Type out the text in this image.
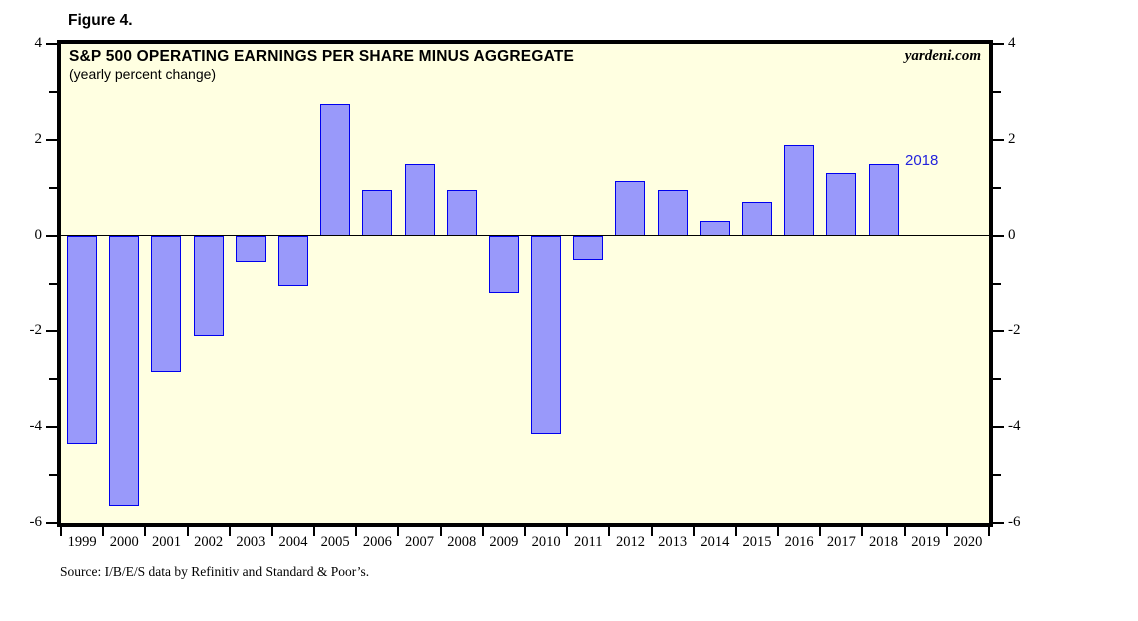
Figure 4.
S&P 500 OPERATING EARNINGS PER SHARE MINUS AGGREGATE
(yearly percent change)
yardeni.com
4	4
2	2
0	0
-2	-2
-4	-4
-6	-6
1999 2000 2001 2002 2003 2004 2005 2006 2007 2008 2009 2010 2011 2012 2013 2014 2015 2016 2017 2018 2019 2020
2018
Source: I/B/E/S data by Refinitiv and Standard & Poor’s.
